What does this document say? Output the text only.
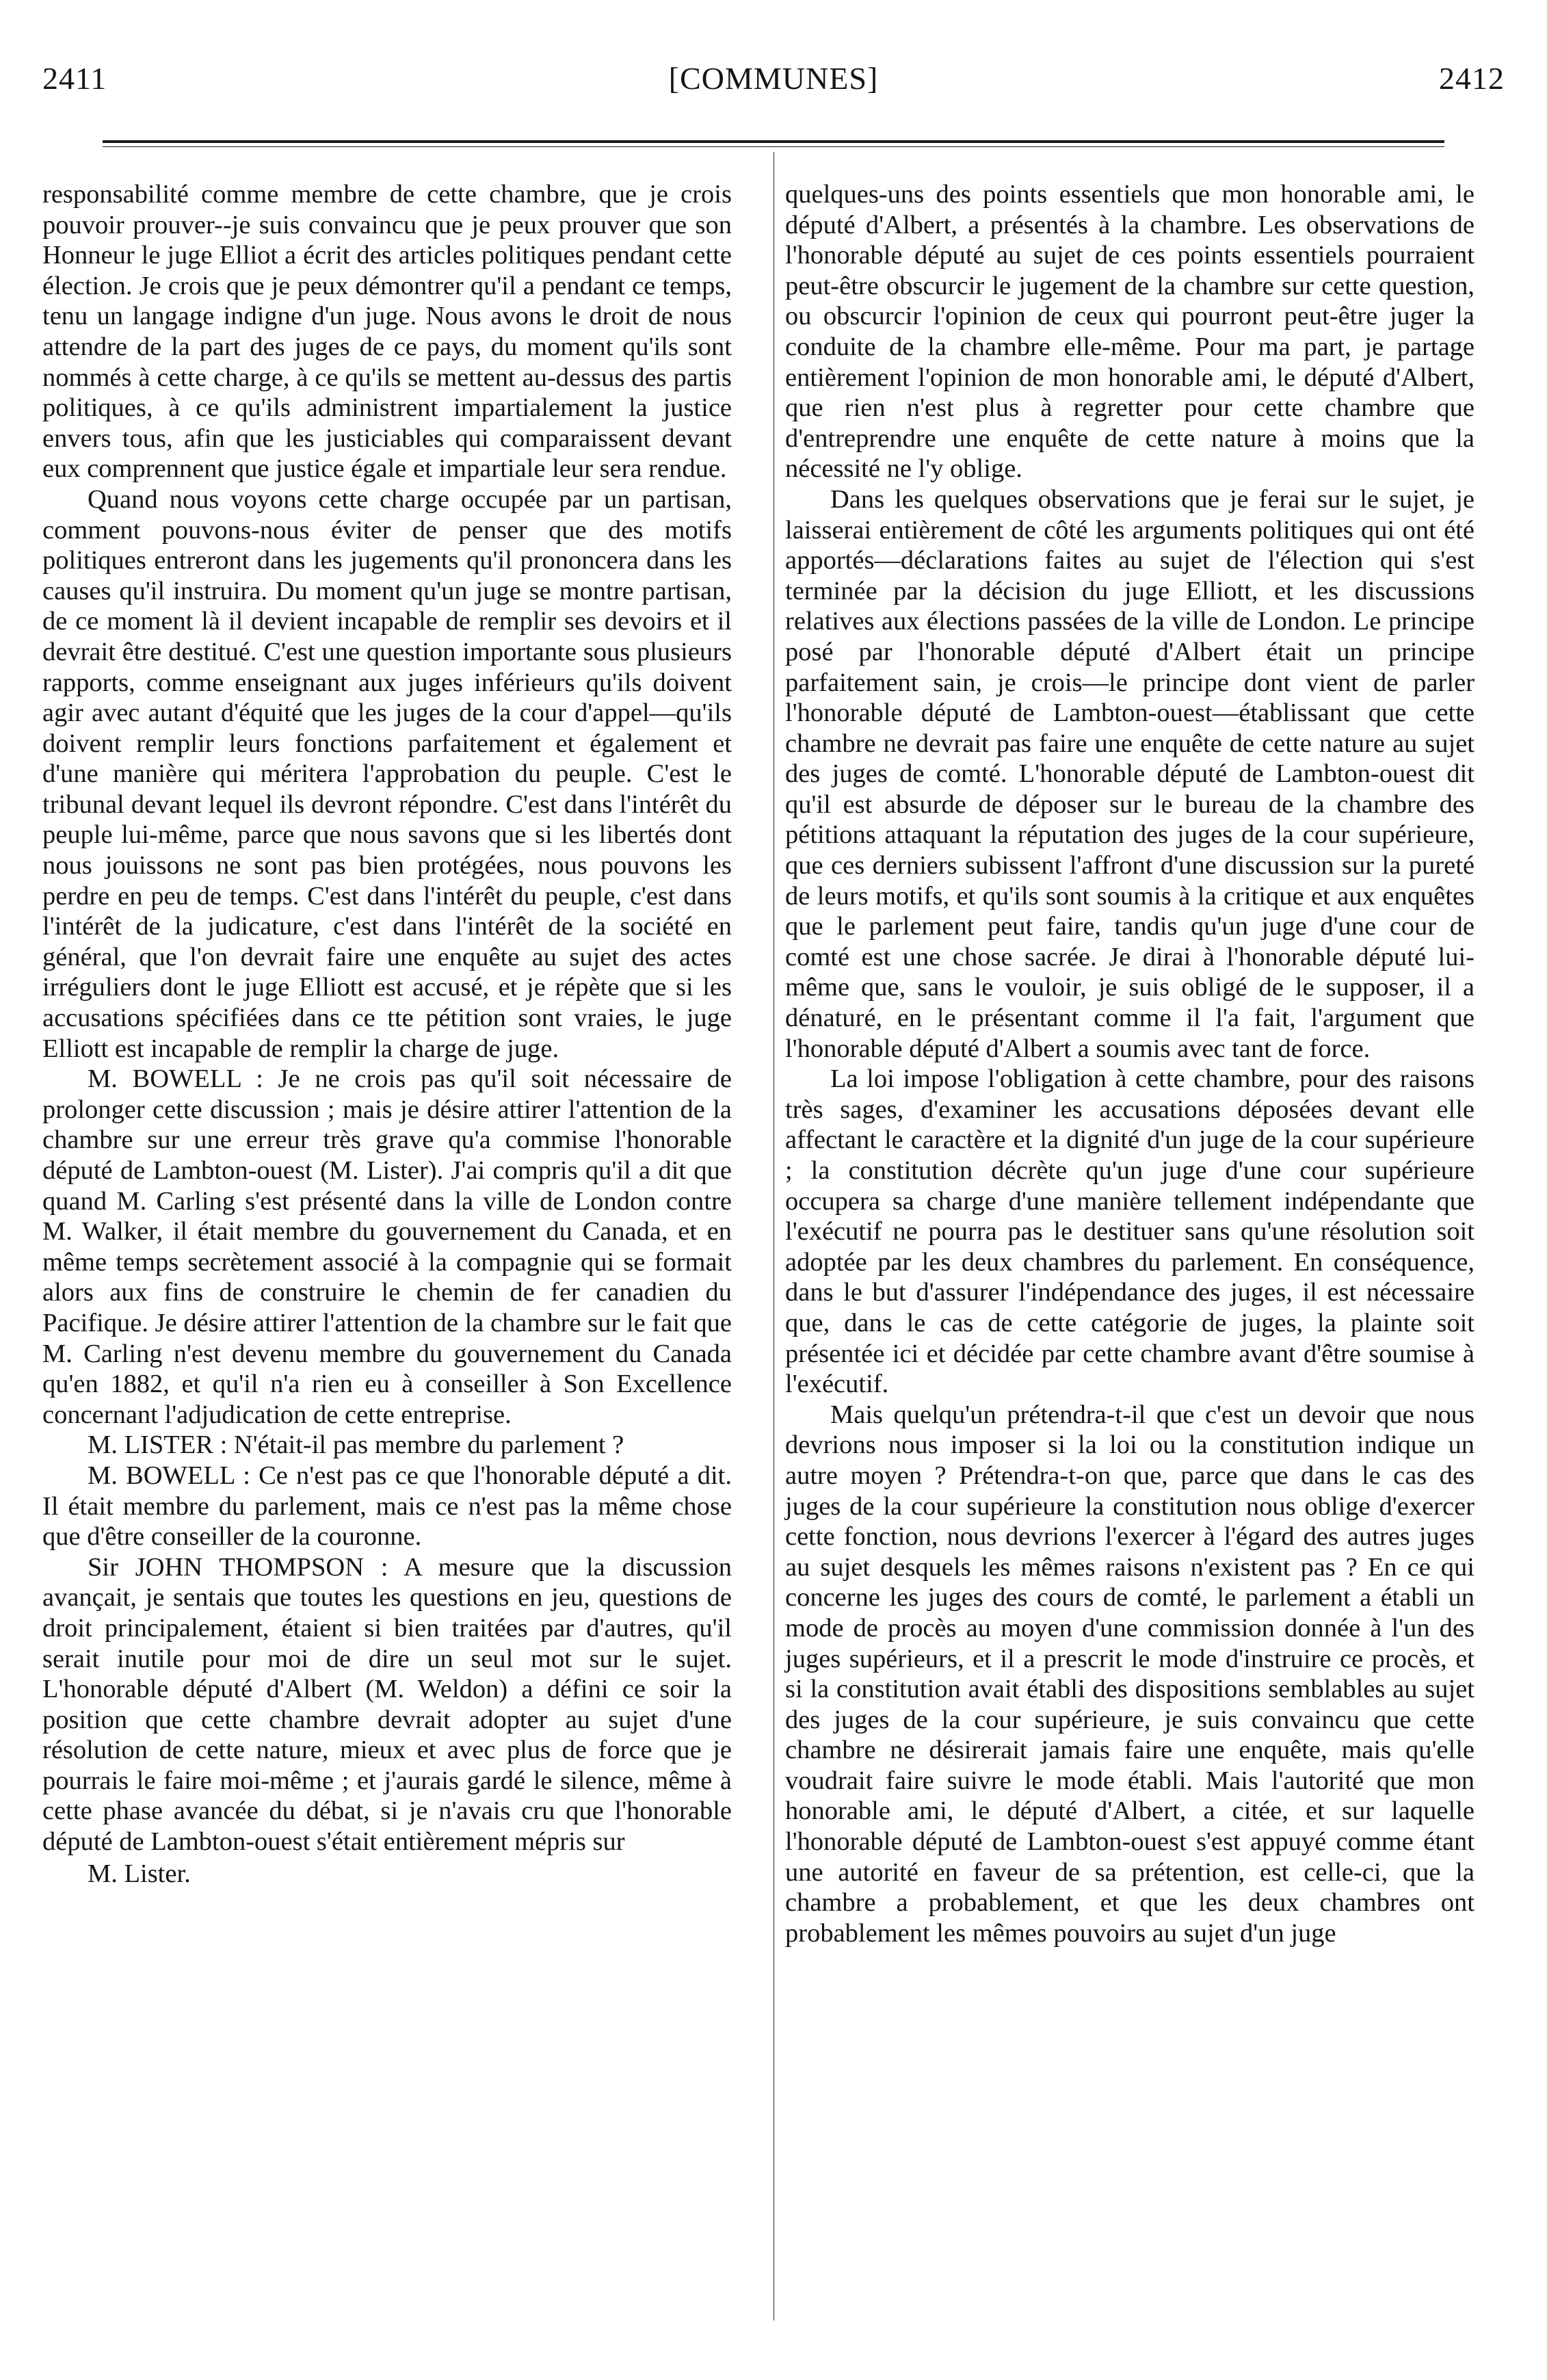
2411	[COMMUNES]	2412

responsabilité comme membre de cette chambre, que je crois pouvoir prouver--je suis convaincu que je peux prouver que son Honneur le juge Elliot a écrit des articles politiques pendant cette élection. Je crois que je peux démontrer qu'il a pendant ce temps, tenu un langage indigne d'un juge. Nous avons le droit de nous attendre de la part des juges de ce pays, du moment qu'ils sont nommés à cette charge, à ce qu'ils se mettent au-dessus des partis politiques, à ce qu'ils administrent impartialement la justice envers tous, afin que les justiciables qui comparaissent devant eux comprennent que justice égale et impartiale leur sera rendue.

Quand nous voyons cette charge occupée par un partisan, comment pouvons-nous éviter de penser que des motifs politiques entreront dans les jugements qu'il prononcera dans les causes qu'il instruira. Du moment qu'un juge se montre partisan, de ce moment là il devient incapable de remplir ses devoirs et il devrait être destitué. C'est une question importante sous plusieurs rapports, comme enseignant aux juges inférieurs qu'ils doivent agir avec autant d'équité que les juges de la cour d'appel—qu'ils doivent remplir leurs fonctions parfaitement et également et d'une manière qui méritera l'approbation du peuple. C'est le tribunal devant lequel ils devront répondre. C'est dans l'intérêt du peuple lui-même, parce que nous savons que si les libertés dont nous jouissons ne sont pas bien protégées, nous pouvons les perdre en peu de temps. C'est dans l'intérêt du peuple, c'est dans l'intérêt de la judicature, c'est dans l'intérêt de la société en général, que l'on devrait faire une enquête au sujet des actes irréguliers dont le juge Elliott est accusé, et je répète que si les accusations spécifiées dans ce tte pétition sont vraies, le juge Elliott est incapable de remplir la charge de juge.

M. BOWELL : Je ne crois pas qu'il soit nécessaire de prolonger cette discussion ; mais je désire attirer l'attention de la chambre sur une erreur très grave qu'a commise l'honorable député de Lambton-ouest (M. Lister). J'ai compris qu'il a dit que quand M. Carling s'est présenté dans la ville de London contre M. Walker, il était membre du gouvernement du Canada, et en même temps secrètement associé à la compagnie qui se formait alors aux fins de construire le chemin de fer canadien du Pacifique. Je désire attirer l'attention de la chambre sur le fait que M. Carling n'est devenu membre du gouvernement du Canada qu'en 1882, et qu'il n'a rien eu à conseiller à Son Excellence concernant l'adjudication de cette entreprise.

M. LISTER : N'était-il pas membre du parlement ?

M. BOWELL : Ce n'est pas ce que l'honorable député a dit. Il était membre du parlement, mais ce n'est pas la même chose que d'être conseiller de la couronne.

Sir JOHN THOMPSON : A mesure que la discussion avançait, je sentais que toutes les questions en jeu, questions de droit principalement, étaient si bien traitées par d'autres, qu'il serait inutile pour moi de dire un seul mot sur le sujet. L'honorable député d'Albert (M. Weldon) a défini ce soir la position que cette chambre devrait adopter au sujet d'une résolution de cette nature, mieux et avec plus de force que je pourrais le faire moi-même ; et j'aurais gardé le silence, même à cette phase avancée du débat, si je n'avais cru que l'honorable député de Lambton-ouest s'était entièrement mépris sur

M. Lister.

quelques-uns des points essentiels que mon honorable ami, le député d'Albert, a présentés à la chambre. Les observations de l'honorable député au sujet de ces points essentiels pourraient peut-être obscurcir le jugement de la chambre sur cette question, ou obscurcir l'opinion de ceux qui pourront peut-être juger la conduite de la chambre elle-même. Pour ma part, je partage entièrement l'opinion de mon honorable ami, le député d'Albert, que rien n'est plus à regretter pour cette chambre que d'entreprendre une enquête de cette nature à moins que la nécessité ne l'y oblige.

Dans les quelques observations que je ferai sur le sujet, je laisserai entièrement de côté les arguments politiques qui ont été apportés—déclarations faites au sujet de l'élection qui s'est terminée par la décision du juge Elliott, et les discussions relatives aux élections passées de la ville de London. Le principe posé par l'honorable député d'Albert était un principe parfaitement sain, je crois—le principe dont vient de parler l'honorable député de Lambton-ouest—établissant que cette chambre ne devrait pas faire une enquête de cette nature au sujet des juges de comté. L'honorable député de Lambton-ouest dit qu'il est absurde de déposer sur le bureau de la chambre des pétitions attaquant la réputation des juges de la cour supérieure, que ces derniers subissent l'affront d'une discussion sur la pureté de leurs motifs, et qu'ils sont soumis à la critique et aux enquêtes que le parlement peut faire, tandis qu'un juge d'une cour de comté est une chose sacrée. Je dirai à l'honorable député lui-même que, sans le vouloir, je suis obligé de le supposer, il a dénaturé, en le présentant comme il l'a fait, l'argument que l'honorable député d'Albert a soumis avec tant de force.

La loi impose l'obligation à cette chambre, pour des raisons très sages, d'examiner les accusations déposées devant elle affectant le caractère et la dignité d'un juge de la cour supérieure ; la constitution décrète qu'un juge d'une cour supérieure occupera sa charge d'une manière tellement indépendante que l'exécutif ne pourra pas le destituer sans qu'une résolution soit adoptée par les deux chambres du parlement. En conséquence, dans le but d'assurer l'indépendance des juges, il est nécessaire que, dans le cas de cette catégorie de juges, la plainte soit présentée ici et décidée par cette chambre avant d'être soumise à l'exécutif.

Mais quelqu'un prétendra-t-il que c'est un devoir que nous devrions nous imposer si la loi ou la constitution indique un autre moyen ? Prétendra-t-on que, parce que dans le cas des juges de la cour supérieure la constitution nous oblige d'exercer cette fonction, nous devrions l'exercer à l'égard des autres juges au sujet desquels les mêmes raisons n'existent pas ? En ce qui concerne les juges des cours de comté, le parlement a établi un mode de procès au moyen d'une commission donnée à l'un des juges supérieurs, et il a prescrit le mode d'instruire ce procès, et si la constitution avait établi des dispositions semblables au sujet des juges de la cour supérieure, je suis convaincu que cette chambre ne désirerait jamais faire une enquête, mais qu'elle voudrait faire suivre le mode établi. Mais l'autorité que mon honorable ami, le député d'Albert, a citée, et sur laquelle l'honorable député de Lambton-ouest s'est appuyé comme étant une autorité en faveur de sa prétention, est celle-ci, que la chambre a probablement, et que les deux chambres ont probablement les mêmes pouvoirs au sujet d'un juge
